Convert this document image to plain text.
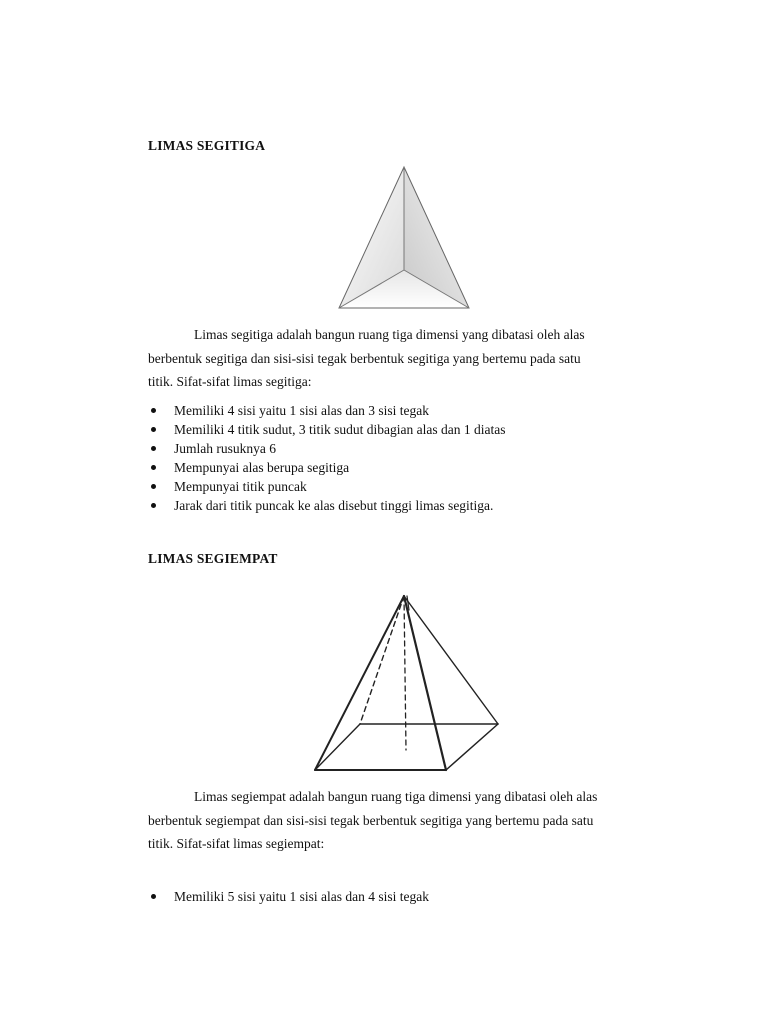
LIMAS SEGITIGA

Limas segitiga adalah bangun ruang tiga dimensi yang dibatasi oleh alas
berbentuk segitiga dan sisi-sisi tegak berbentuk segitiga yang bertemu pada satu
titik. Sifat-sifat limas segitiga:

Memiliki 4 sisi yaitu 1 sisi alas dan 3 sisi tegak
Memiliki 4 titik sudut, 3 titik sudut dibagian alas dan 1 diatas
Jumlah rusuknya 6
Mempunyai alas berupa segitiga
Mempunyai titik puncak
Jarak dari titik puncak ke alas disebut tinggi limas segitiga.
LIMAS SEGIEMPAT

Limas segiempat adalah bangun ruang tiga dimensi yang dibatasi oleh alas
berbentuk segiempat dan sisi-sisi tegak berbentuk segitiga yang bertemu pada satu
titik. Sifat-sifat limas segiempat:

Memiliki 5 sisi yaitu 1 sisi alas dan 4 sisi tegak
